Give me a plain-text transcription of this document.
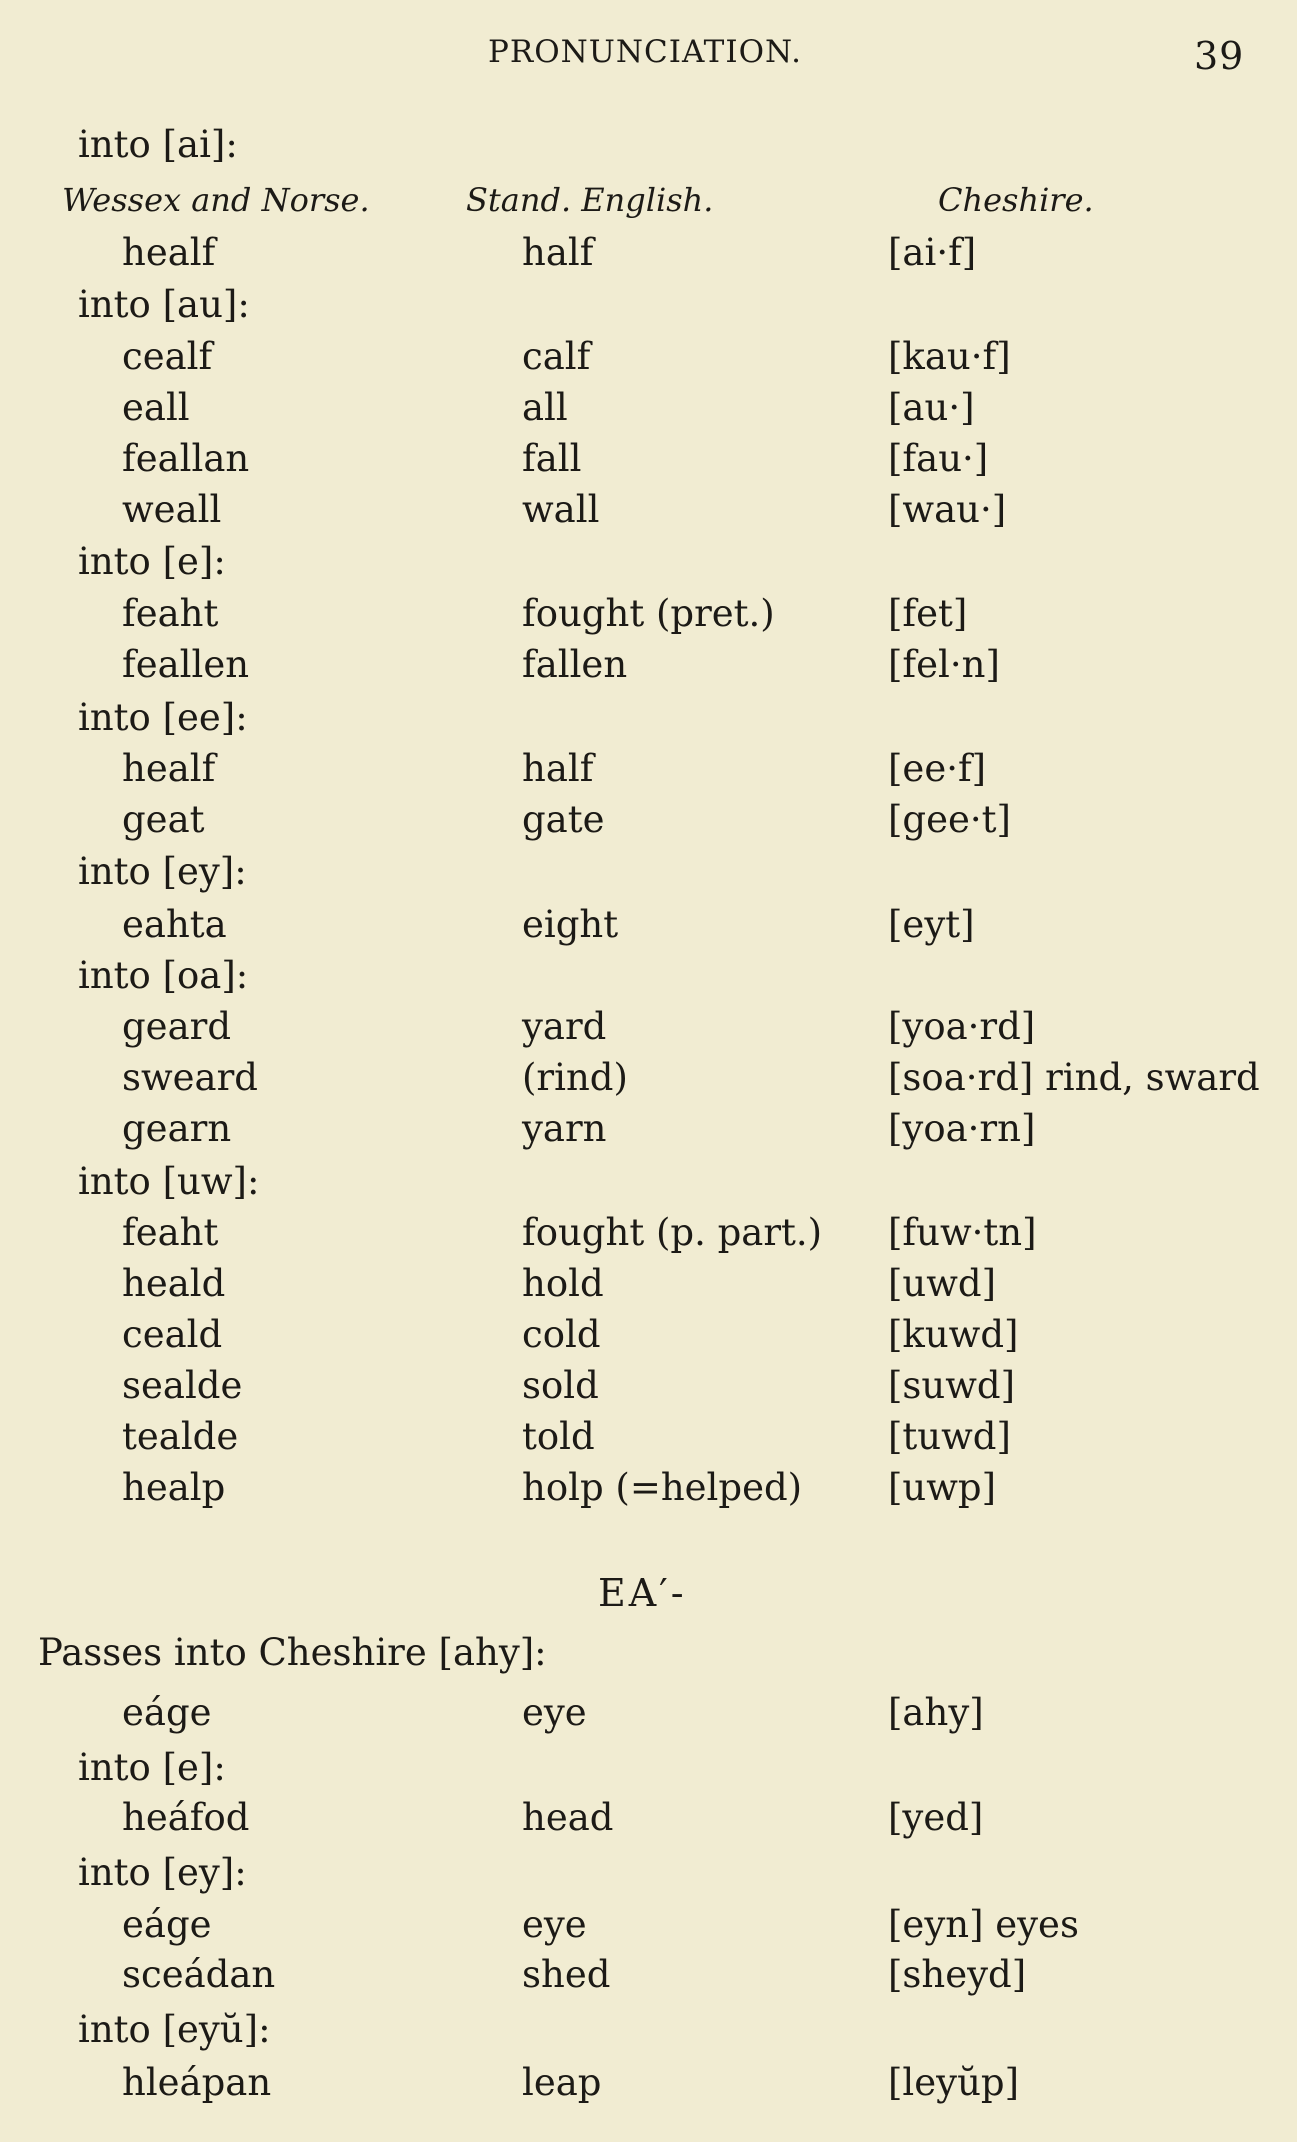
PRONUNCIATION.	39
into [ai]:
Wessex and Norse.	Stand. English.	Cheshire.
healf	half	[ai·f]
into [au]:
cealf	calf	[kau·f]
eall	all	[au·]
feallan	fall	[fau·]
weall	wall	[wau·]
into [e]:
feaht	fought (pret.)	[fet]
feallen	fallen	[fel·n]
into [ee]:
healf	half	[ee·f]
geat	gate	[gee·t]
into [ey]:
eahta	eight	[eyt]
into [oa]:
geard	yard	[yoa·rd]
sweard	(rind)	[soa·rd] rind, sward
gearn	yarn	[yoa·rn]
into [uw]:
feaht	fought (p. part.) [fuw·tn]
heald	hold	[uwd]
ceald	cold	[kuwd]
sealde	sold	[suwd]
tealde	told	[tuwd]
healp	holp (=helped) [uwp]
EA′-
Passes into Cheshire [ahy]:
eáge	eye	[ahy]
into [e]:
heáfod	head	[yed]
into [ey]:
eáge	eye	[eyn] eyes
sceádan	shed	[sheyd]
into [eyŭ]:
hleápan	leap	[leyŭp]
